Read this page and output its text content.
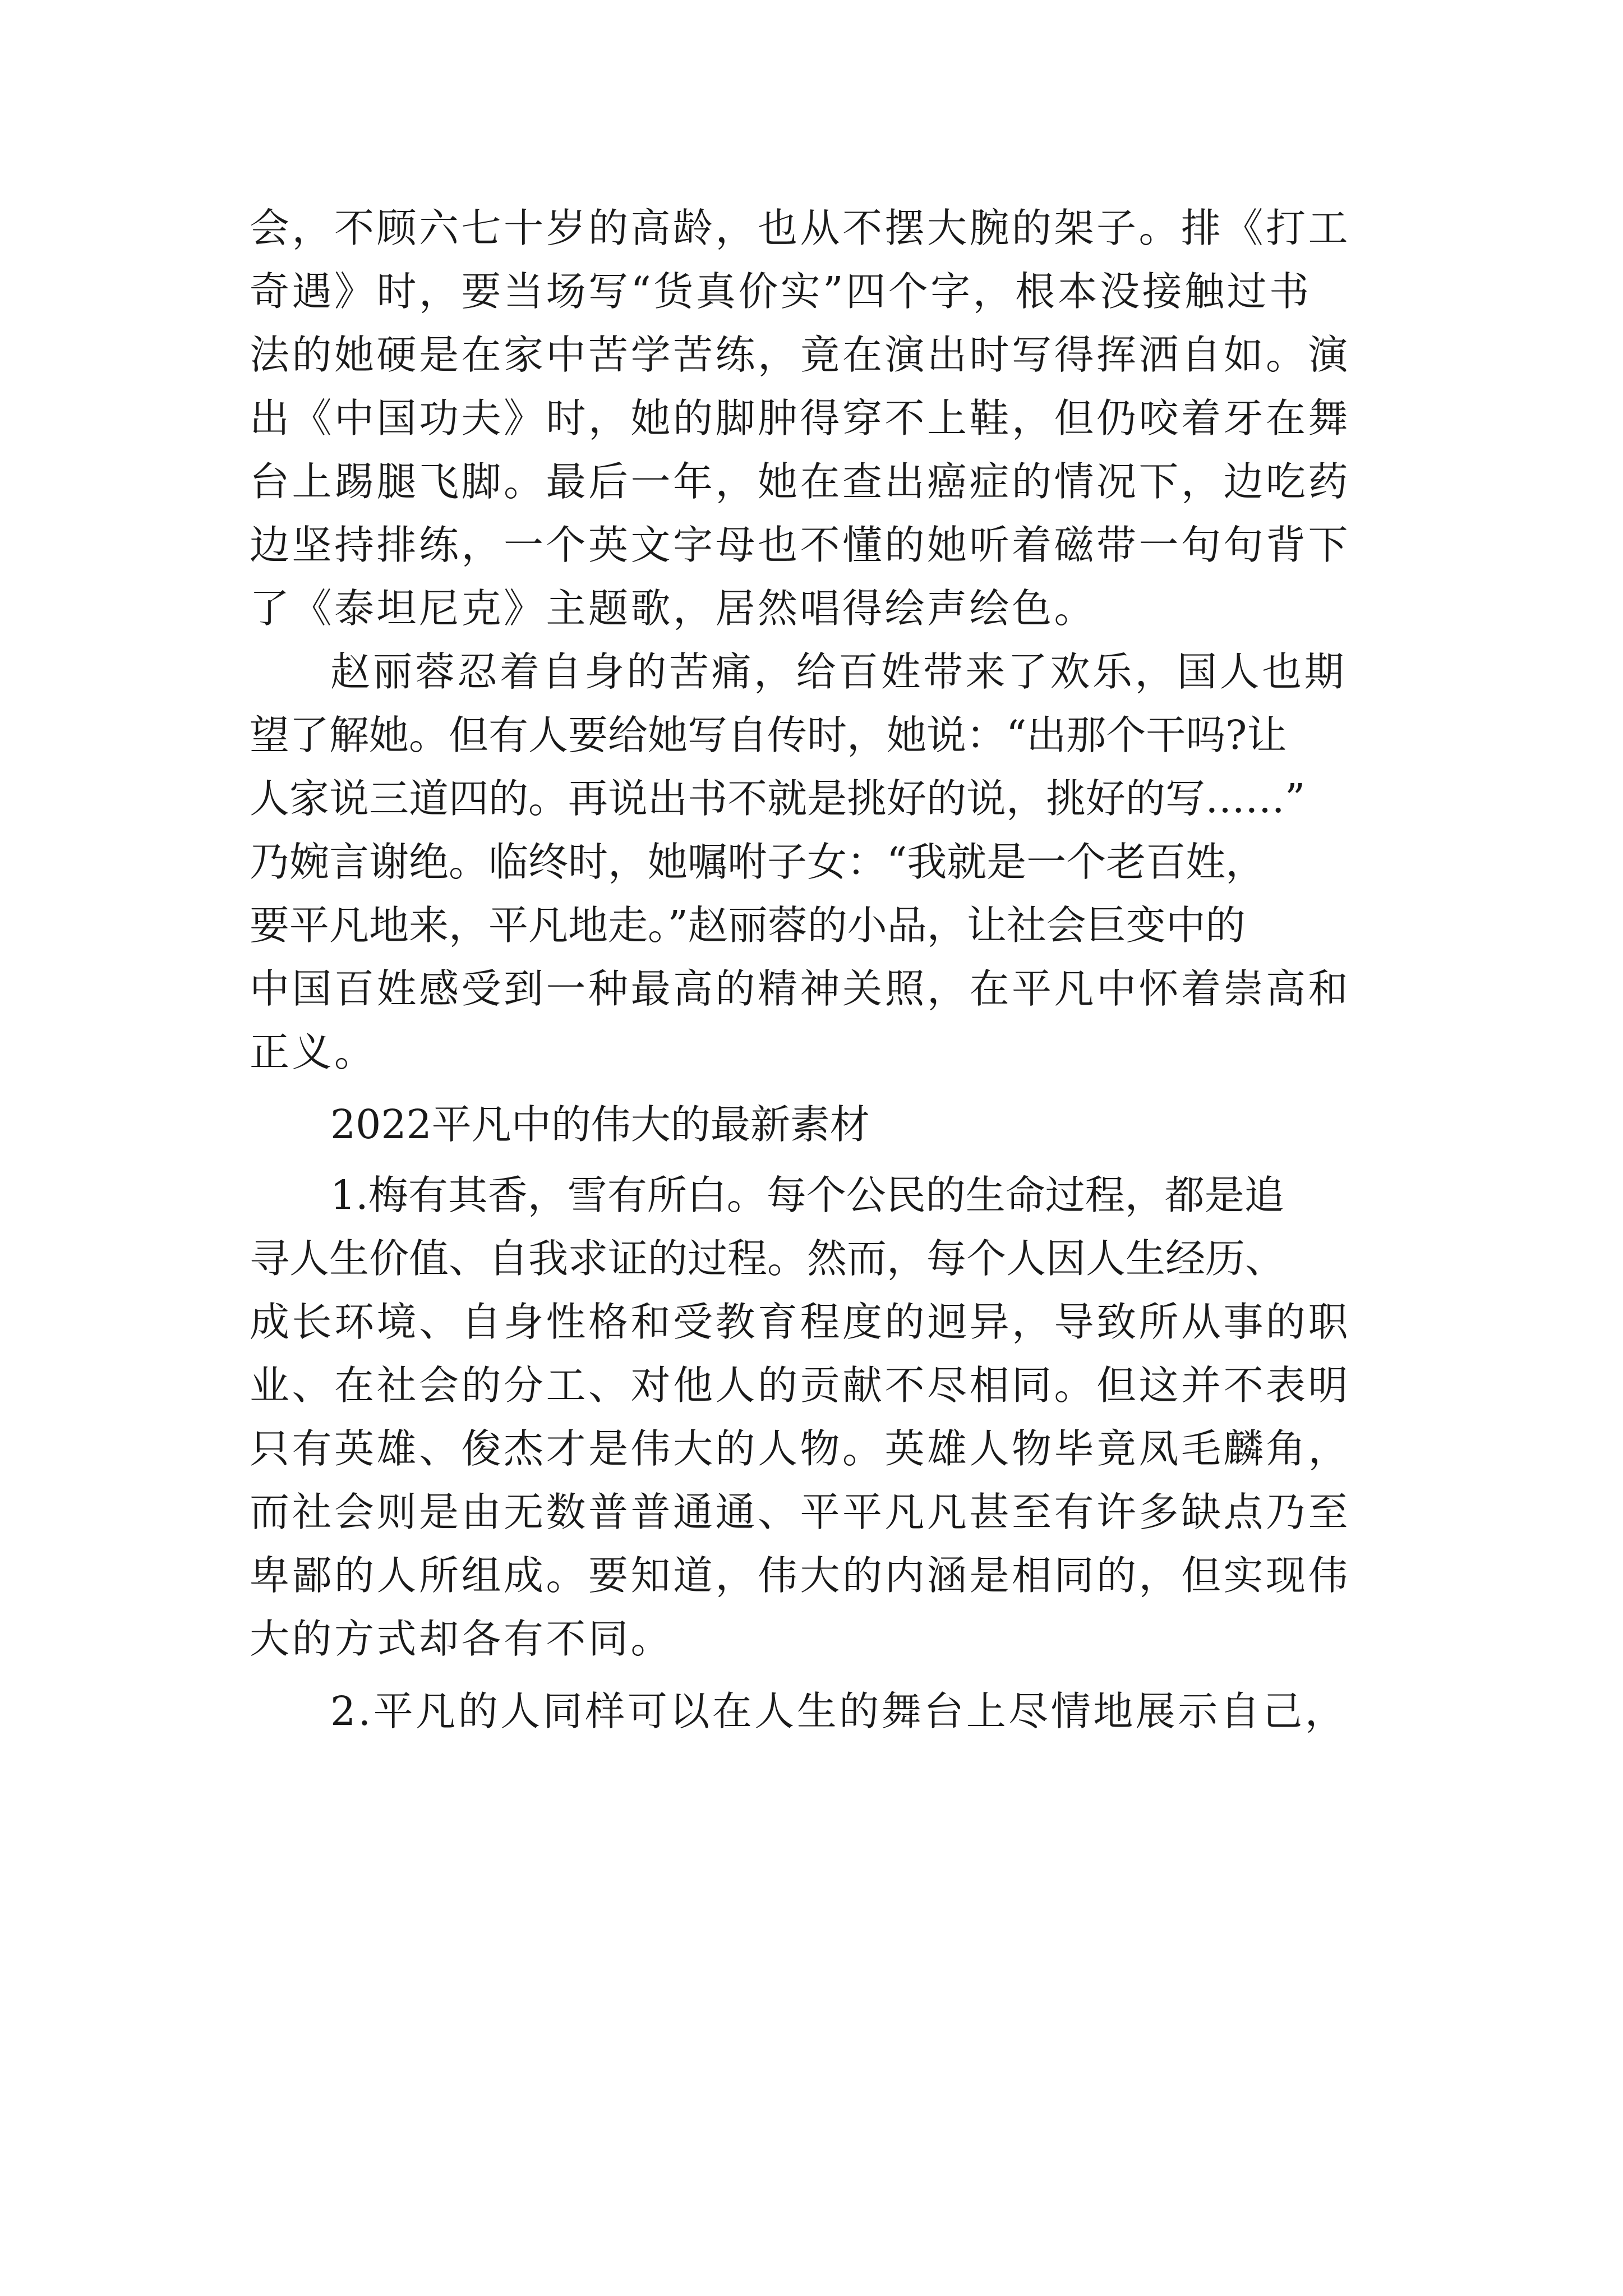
会，不顾六七十岁的高龄，也从不摆大腕的架子。排《打工
奇遇》时，要当场写“货真价实”四个字，根本没接触过书
法的她硬是在家中苦学苦练，竟在演出时写得挥洒自如。演
出《中国功夫》时，她的脚肿得穿不上鞋，但仍咬着牙在舞
台上踢腿飞脚。最后一年，她在查出癌症的情况下，边吃药
边坚持排练，一个英文字母也不懂的她听着磁带一句句背下
了《泰坦尼克》主题歌，居然唱得绘声绘色。
赵丽蓉忍着自身的苦痛，给百姓带来了欢乐，国人也期
望了解她。但有人要给她写自传时，她说：“出那个干吗?让
人家说三道四的。再说出书不就是挑好的说，挑好的写……”
乃婉言谢绝。临终时，她嘱咐子女：“我就是一个老百姓，
要平凡地来，平凡地走。”赵丽蓉的小品，让社会巨变中的
中国百姓感受到一种最高的精神关照，在平凡中怀着崇高和
正义。
2022平凡中的伟大的最新素材
1.梅有其香，雪有所白。每个公民的生命过程，都是追
寻人生价值、自我求证的过程。然而，每个人因人生经历、
成长环境、自身性格和受教育程度的迥异，导致所从事的职
业、在社会的分工、对他人的贡献不尽相同。但这并不表明
只有英雄、俊杰才是伟大的人物。英雄人物毕竟凤毛麟角，
而社会则是由无数普普通通、平平凡凡甚至有许多缺点乃至
卑鄙的人所组成。要知道，伟大的内涵是相同的，但实现伟
大的方式却各有不同。
2.平凡的人同样可以在人生的舞台上尽情地展示自己，
